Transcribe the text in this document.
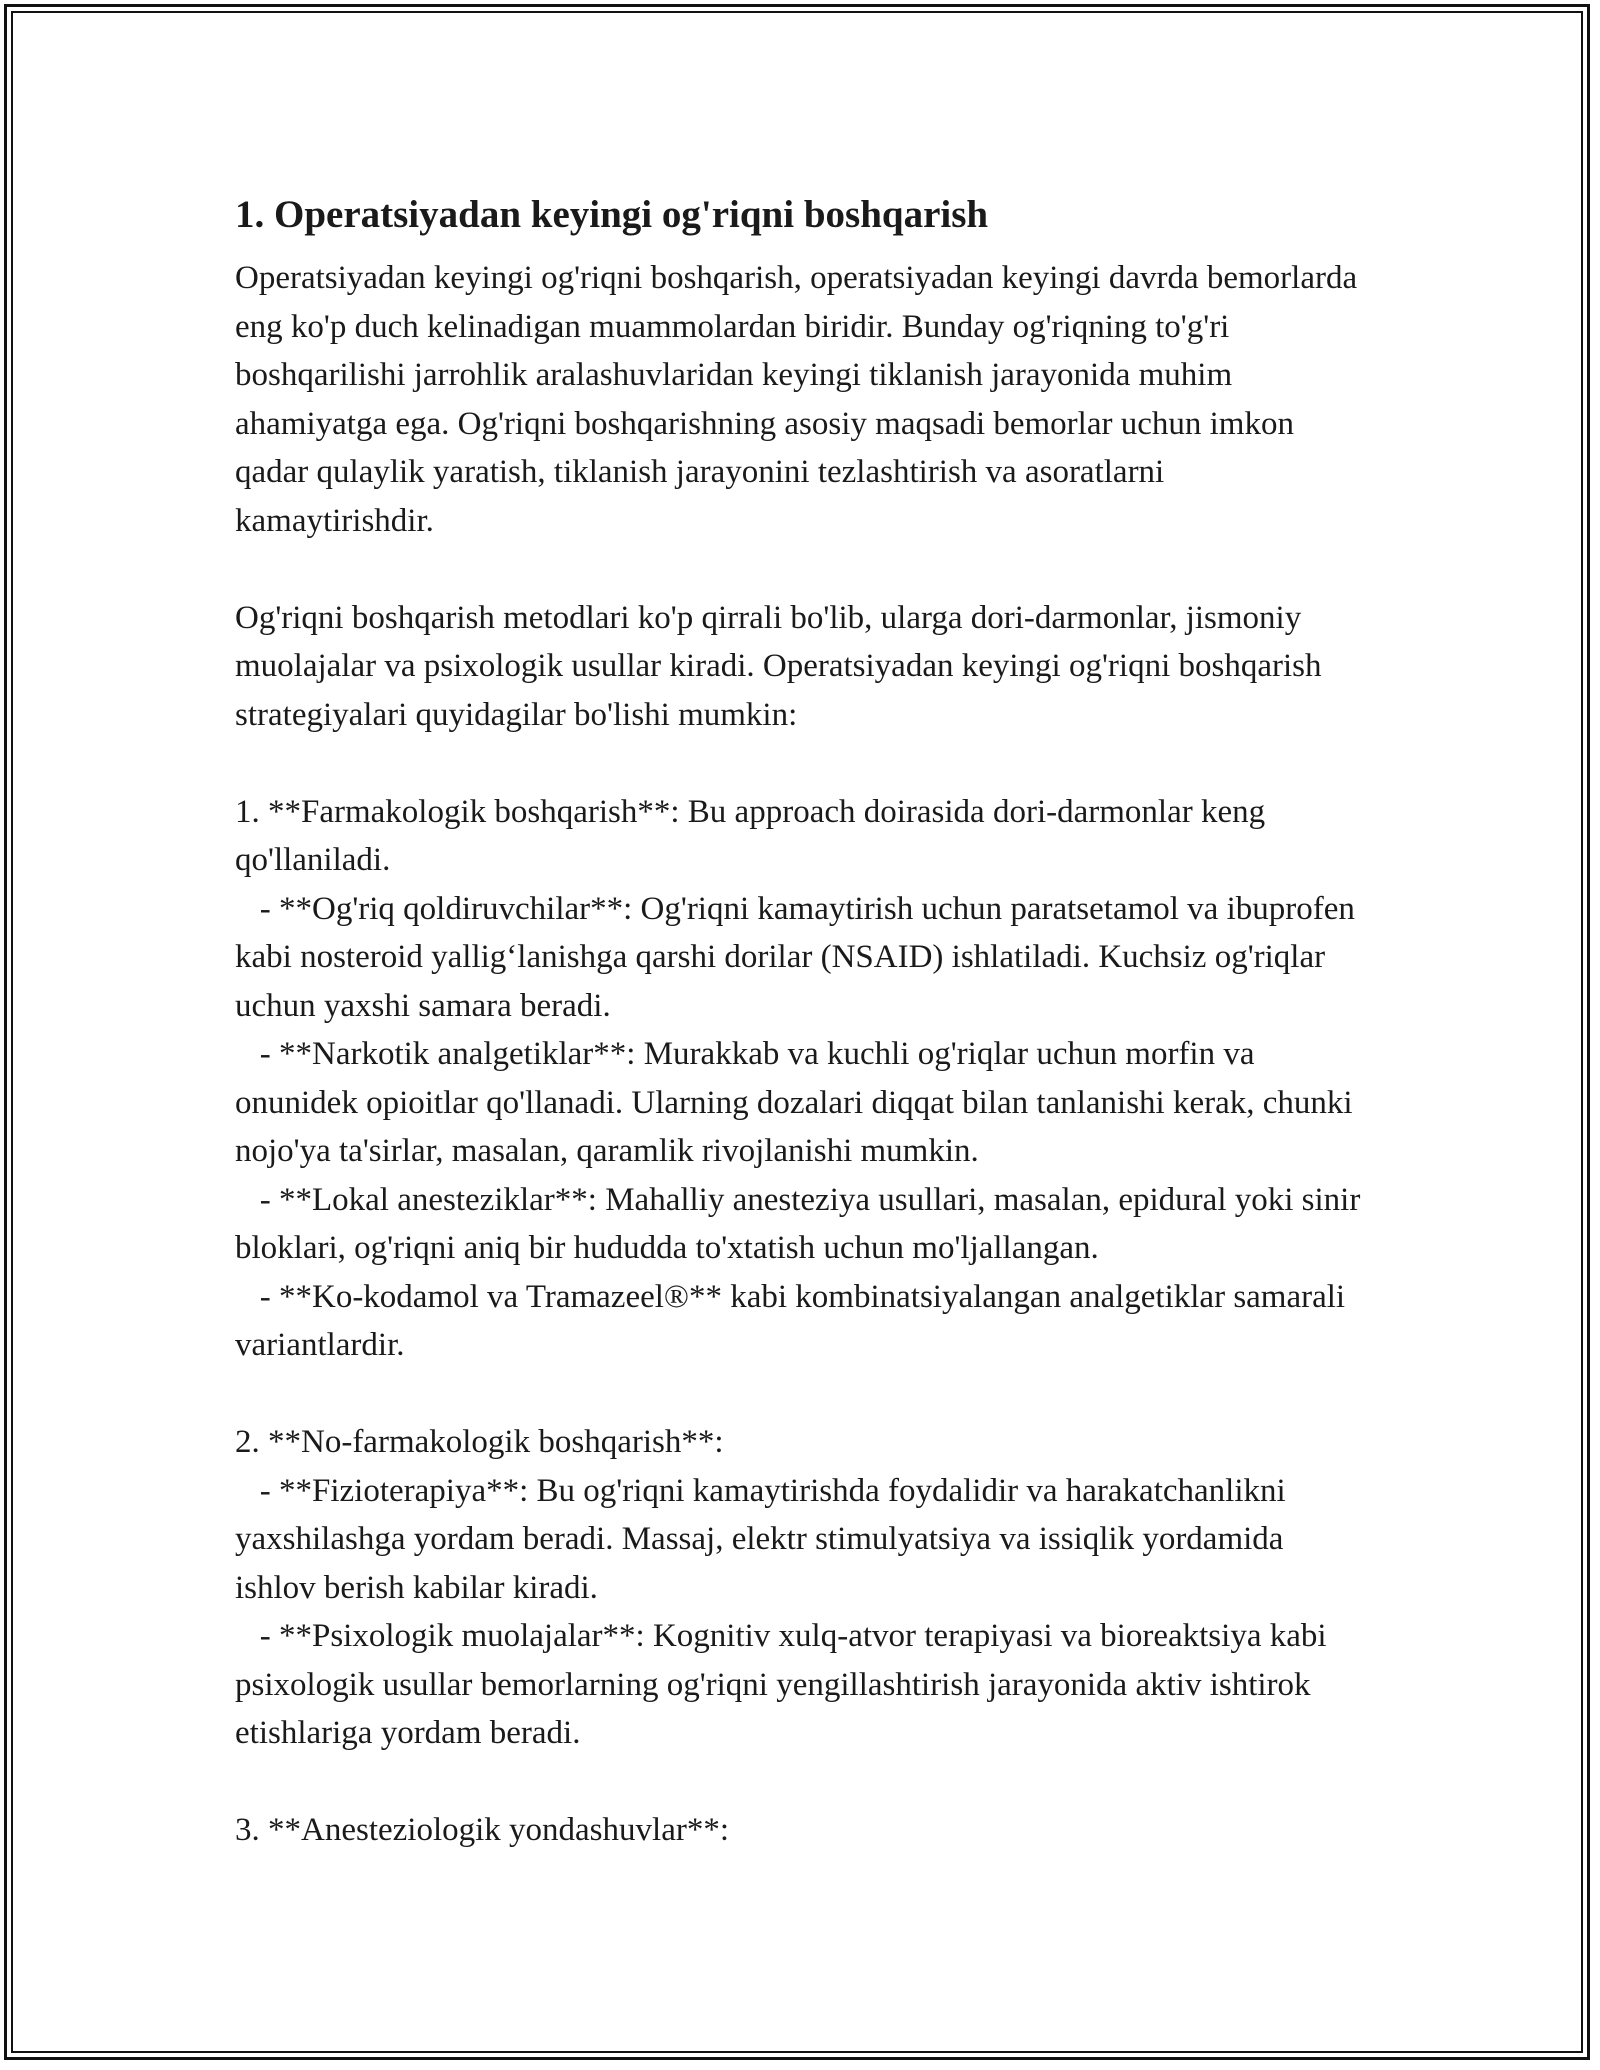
1. Operatsiyadan keyingi og'riqni boshqarish

Operatsiyadan keyingi og'riqni boshqarish, operatsiyadan keyingi davrda bemorlarda eng ko'p duch kelinadigan muammolardan biridir. Bunday og'riqning to'g'ri boshqarilishi jarrohlik aralashuvlaridan keyingi tiklanish jarayonida muhim ahamiyatga ega. Og'riqni boshqarishning asosiy maqsadi bemorlar uchun imkon qadar qulaylik yaratish, tiklanish jarayonini tezlashtirish va asoratlarni kamaytirishdir.

Og'riqni boshqarish metodlari ko'p qirrali bo'lib, ularga dori-darmonlar, jismoniy muolajalar va psixologik usullar kiradi. Operatsiyadan keyingi og'riqni boshqarish strategiyalari quyidagilar bo'lishi mumkin:

1. **Farmakologik boshqarish**: Bu approach doirasida dori-darmonlar keng qo'llaniladi.

- **Og'riq qoldiruvchilar**: Og'riqni kamaytirish uchun paratsetamol va ibuprofen kabi nosteroid yallig‘lanishga qarshi dorilar (NSAID) ishlatiladi. Kuchsiz og'riqlar uchun yaxshi samara beradi.

- **Narkotik analgetiklar**: Murakkab va kuchli og'riqlar uchun morfin va onunidek opioitlar qo'llanadi. Ularning dozalari diqqat bilan tanlanishi kerak, chunki nojo'ya ta'sirlar, masalan, qaramlik rivojlanishi mumkin.

- **Lokal anesteziklar**: Mahalliy anesteziya usullari, masalan, epidural yoki sinir bloklari, og'riqni aniq bir hududda to'xtatish uchun mo'ljallangan.

- **Ko-kodamol va Tramazeel®** kabi kombinatsiyalangan analgetiklar samarali variantlardir.

2. **No-farmakologik boshqarish**:

- **Fizioterapiya**: Bu og'riqni kamaytirishda foydalidir va harakatchanlikni yaxshilashga yordam beradi. Massaj, elektr stimulyatsiya va issiqlik yordamida ishlov berish kabilar kiradi.

- **Psixologik muolajalar**: Kognitiv xulq-atvor terapiyasi va bioreaktsiya kabi psixologik usullar bemorlarning og'riqni yengillashtirish jarayonida aktiv ishtirok etishlariga yordam beradi.

3. **Anesteziologik yondashuvlar**:
